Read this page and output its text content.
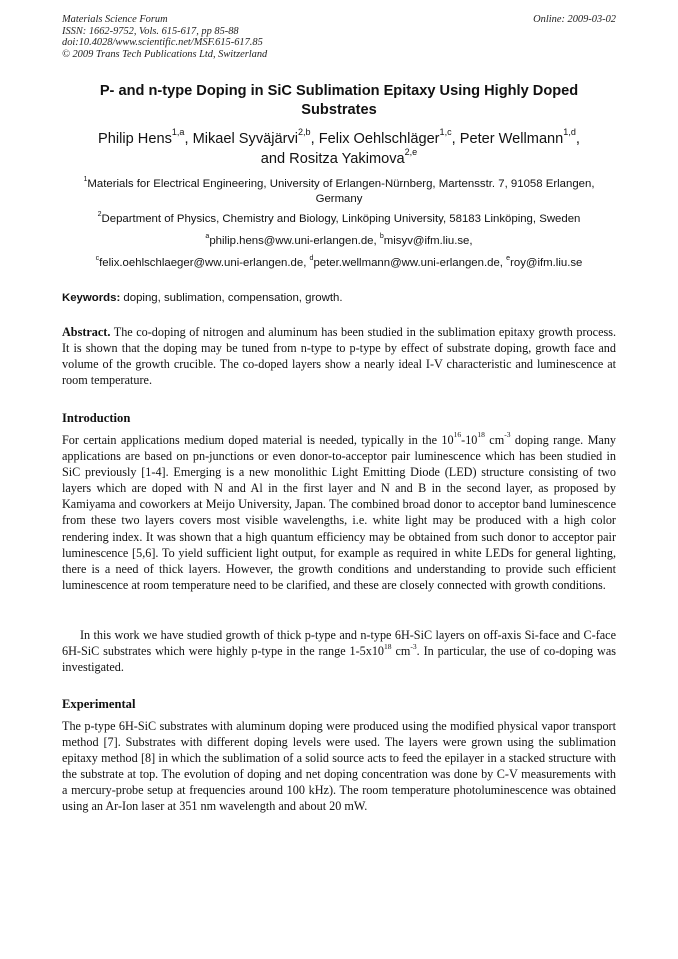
Materials Science Forum
ISSN: 1662-9752, Vols. 615-617, pp 85-88
doi:10.4028/www.scientific.net/MSF.615-617.85
© 2009 Trans Tech Publications Ltd, Switzerland
Online: 2009-03-02
P- and n-type Doping in SiC Sublimation Epitaxy Using Highly Doped Substrates
Philip Hens$^{1,a}$, Mikael Syväjärvi$^{2,b}$, Felix Oehlschläger$^{1,c}$, Peter Wellmann$^{1,d}$,
and Rositza Yakimova$^{2,e}$
$^1$Materials for Electrical Engineering, University of Erlangen-Nürnberg, Martensstr. 7, 91058 Erlangen, Germany
$^2$Department of Physics, Chemistry and Biology, Linköping University, 58183 Linköping, Sweden
$^a$philip.hens@ww.uni-erlangen.de, $^b$misyv@ifm.liu.se,
$^c$felix.oehlschlaeger@ww.uni-erlangen.de, $^d$peter.wellmann@ww.uni-erlangen.de, $^e$roy@ifm.liu.se
Keywords: doping, sublimation, compensation, growth.
Abstract. The co-doping of nitrogen and aluminum has been studied in the sublimation epitaxy growth process. It is shown that the doping may be tuned from n-type to p-type by effect of substrate doping, growth face and volume of the growth crucible. The co-doped layers show a nearly ideal I-V characteristic and luminescence at room temperature.
Introduction
For certain applications medium doped material is needed, typically in the $10^{16}-10^{18}$ $cm^{-3}$ doping range. Many applications are based on pn-junctions or even donor-to-acceptor pair luminescence which has been studied in SiC previously [1-4]. Emerging is a new monolithic Light Emitting Diode (LED) structure consisting of two layers which are doped with N and Al in the first layer and N and B in the second layer, as proposed by Kamiyama and coworkers at Meijo University, Japan. The combined broad donor to acceptor band luminescence from these two layers covers most visible wavelengths, i.e. white light may be produced with a high color rendering index. It was shown that a high quantum efficiency may be obtained from such donor to acceptor pair luminescence [5,6]. To yield sufficient light output, for example as required in white LEDs for general lighting, there is a need of thick layers. However, the growth conditions and understanding to provide such efficient luminescence at room temperature need to be clarified, and these are closely connected with growth conditions.
In this work we have studied growth of thick p-type and n-type 6H-SiC layers on off-axis Si-face and C-face 6H-SiC substrates which were highly p-type in the range $1-5x10^{18}$ $cm^{-3}$. In particular, the use of co-doping was investigated.
Experimental
The p-type 6H-SiC substrates with aluminum doping were produced using the modified physical vapor transport method [7]. Substrates with different doping levels were used. The layers were grown using the sublimation epitaxy method [8] in which the sublimation of a solid source acts to feed the epilayer in a stacked structure with the substrate at top. The evolution of doping and net doping concentration was done by C-V measurements with a mercury-probe setup at frequencies around 100 kHz). The room temperature photoluminescence was obtained using an Ar-Ion laser at 351 nm wavelength and about 20 mW.
